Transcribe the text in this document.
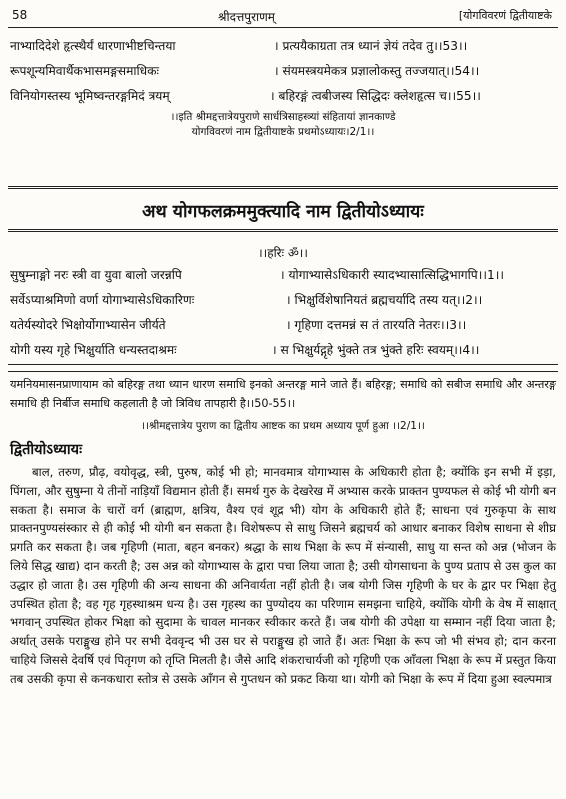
58	श्रीदत्तपुराणम्	[योगविवरणं द्वितीयाष्टके
नाभ्यादिदेशे हृत्स्थैर्यं धारणाभीष्टचिन्तया	। प्रत्ययैकाग्रता तत्र ध्यानं ज्ञेयं तदेव तु।।53।।
रूपशून्यमिवार्थैकभासमङ्गसमाधिकः	। संयमस्त्रयमेकत्र प्रज्ञालोकस्तु तज्जयात्।।54।।
विनियोगस्तस्य भूमिष्वन्तरङ्गमिदं त्रयम्	। बहिरङ्गं त्वबीजस्य सिद्धिदः क्लेशहृत्स च।।55।।
।।इति श्रीमद्दत्तात्रेयपुराणे सार्धत्रिसाहस्त्र्यां संहितायां ज्ञानकाण्डे
योगविवरणं नाम द्वितीयाष्टके प्रथमोऽध्यायः।2/1।।
अथ योगफलक्रममुक्त्यादि नाम द्वितीयोऽध्यायः
।।हरिः ॐ।।
सुषुम्नाङ्गो नरः स्त्री वा युवा बालो जरन्नपि	। योगाभ्यासेऽधिकारी स्यादभ्यासात्सिद्धिभागपि।।1।।
सर्वेऽप्याश्रमिणो वर्णा योगाभ्यासेऽधिकारिणः	। भिक्षुर्विशेषानियतं ब्रह्मचर्यादि तस्य यत्।।2।।
यतेर्यस्योदरे भिक्षोर्योगाभ्यासेन जीर्यते	। गृहिणा दत्तमन्नं स तं तारयति नेतरः।।3।।
योगी यस्य गृहे भिक्षुर्याति धन्यस्तदाश्रमः	। स भिक्षुर्यद्गृहे भुंक्ते तत्र भुंक्ते हरिः स्वयम्।।4।।

यमनियमासनप्राणायाम को बहिरङ्ग तथा ध्यान धारण समाधि इनको अन्तरङ्ग माने जाते हैं। बहिरङ्ग; समाधि को सबीज समाधि और अन्तरङ्ग समाधि ही निर्बीज समाधि कहलाती है जो त्रिविध तापहारी है।।50-55।।

।।श्रीमद्दत्तात्रेय पुराण का द्वितीय आष्टक का प्रथम अध्याय पूर्ण हुआ ।।2/1।।
द्वितीयोऽध्यायः

बाल, तरुण, प्रौढ़, वयोवृद्ध, स्त्री, पुरुष, कोई भी हो; मानवमात्र योगाभ्यास के अधिकारी होता है; क्योंकि इन सभी में इड़ा, पिंगला, और सुषुम्ना ये तीनों नाड़ियाँ विद्यमान होती हैं। समर्थ गुरु के देखरेख में अभ्यास करके प्राक्तन पुण्यफल से कोई भी योगी बन सकता है। समाज के चारों वर्ग (ब्राह्मण, क्षत्रिय, वैश्य एवं शूद्र भी) योग के अधिकारी होते हैं; साधना एवं गुरुकृपा के साथ प्राक्तनपुण्यसंस्कार से ही कोई भी योगी बन सकता है। विशेषरूप से साधु जिसने ब्रह्मचर्य को आधार बनाकर विशेष साधना से शीघ्र प्रगति कर सकता है। जब गृहिणी (माता, बहन बनकर) श्रद्धा के साथ भिक्षा के रूप में संन्यासी, साधु या सन्त को अन्न (भोजन के लिये सिद्ध खाद्य) दान करती है; उस अन्न को योगाभ्यास के द्वारा पचा लिया जाता है; उसी योगसाधना के पुण्य प्रताप से उस कुल का उद्धार हो जाता है। उस गृहिणी की अन्य साधना की अनिवार्यता नहीं होती है। जब योगी जिस गृहिणी के घर के द्वार पर भिक्षा हेतु उपस्थित होता है; वह गृह गृहस्थाश्रम धन्य है। उस गृहस्थ का पुण्योदय का परिणाम समझना चाहिये, क्योंकि योगी के वेष में साक्षात् भगवान् उपस्थित होकर भिक्षा को सुदामा के चावल मानकर स्वीकार करते हैं। जब योगी की उपेक्षा या सम्मान नहीं दिया जाता है; अर्थात् उसके पराङ्मुख होने पर सभी देववृन्द भी उस घर से पराङ्मुख हो जाते हैं। अतः भिक्षा के रूप जो भी संभव हो; दान करना चाहिये जिससे देवर्षि एवं पितृगण को तृप्ति मिलती है। जैसे आदि शंकराचार्यजी को गृहिणी एक आँवला भिक्षा के रूप में प्रस्तुत किया तब उसकी कृपा से कनकधारा स्तोत्र से उसके आँगन से गुप्तधन को प्रकट किया था। योगी को भिक्षा के रूप में दिया हुआ स्वल्पमात्र
